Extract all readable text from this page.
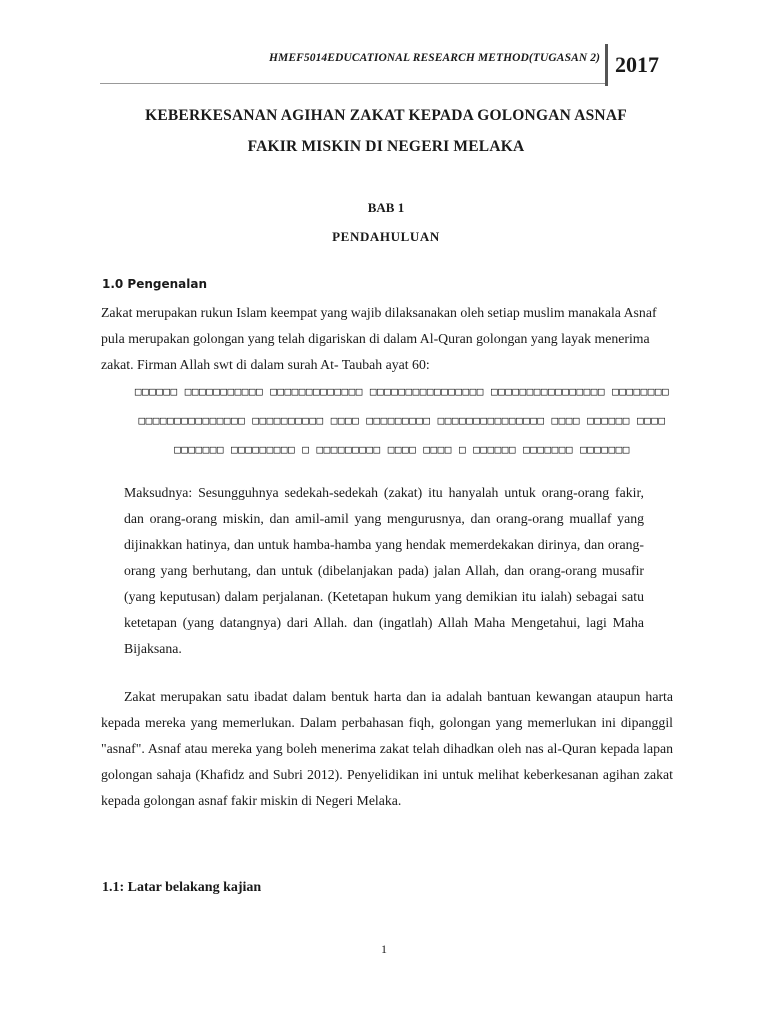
HMEF5014EDUCATIONAL RESEARCH METHOD(TUGASAN 2) 2017
KEBERKESANAN AGIHAN ZAKAT KEPADA GOLONGAN ASNAF
FAKIR MISKIN DI NEGERI MELAKA
BAB 1
PENDAHULUAN
1.0 Pengenalan
Zakat merupakan rukun Islam keempat yang wajib dilaksanakan oleh setiap muslim manakala Asnaf pula merupakan golongan yang telah digariskan di dalam Al-Quran golongan yang layak menerima zakat. Firman Allah swt di dalam surah At- Taubah ayat 60:
□□□□□□ □□□□□□□□□□□ □□□□□□□□□□□□□ □□□□□□□□□□□□□□□□ □□□□□□□□□□□□□□□□ □□□□□□□□
□□□□□□□□□□□□□□□ □□□□□□□□□□ □□□□ □□□□□□□□□ □□□□□□□□□□□□□□□ □□□□ □□□□□□ □□□□
□□□□□□□ □□□□□□□□□ □ □□□□□□□□□ □□□□ □□□□ □ □□□□□□ □□□□□□□ □□□□□□□
Maksudnya: Sesungguhnya sedekah-sedekah (zakat) itu hanyalah untuk orang-orang fakir, dan orang-orang miskin, dan amil-amil yang mengurusnya, dan orang-orang muallaf yang dijinakkan hatinya, dan untuk hamba-hamba yang hendak memerdekakan dirinya, dan orang-orang yang berhutang, dan untuk (dibelanjakan pada) jalan Allah, dan orang-orang musafir (yang keputusan) dalam perjalanan. (Ketetapan hukum yang demikian itu ialah) sebagai satu ketetapan (yang datangnya) dari Allah. dan (ingatlah) Allah Maha Mengetahui, lagi Maha Bijaksana.
Zakat merupakan satu ibadat dalam bentuk harta dan ia adalah bantuan kewangan ataupun harta kepada mereka yang memerlukan. Dalam perbahasan fiqh, golongan yang memerlukan ini dipanggil "asnaf". Asnaf atau mereka yang boleh menerima zakat telah dihadkan oleh nas al-Quran kepada lapan golongan sahaja (Khafidz and Subri 2012). Penyelidikan ini untuk melihat keberkesanan agihan zakat kepada golongan asnaf fakir miskin di Negeri Melaka.
1.1: Latar belakang kajian
1
